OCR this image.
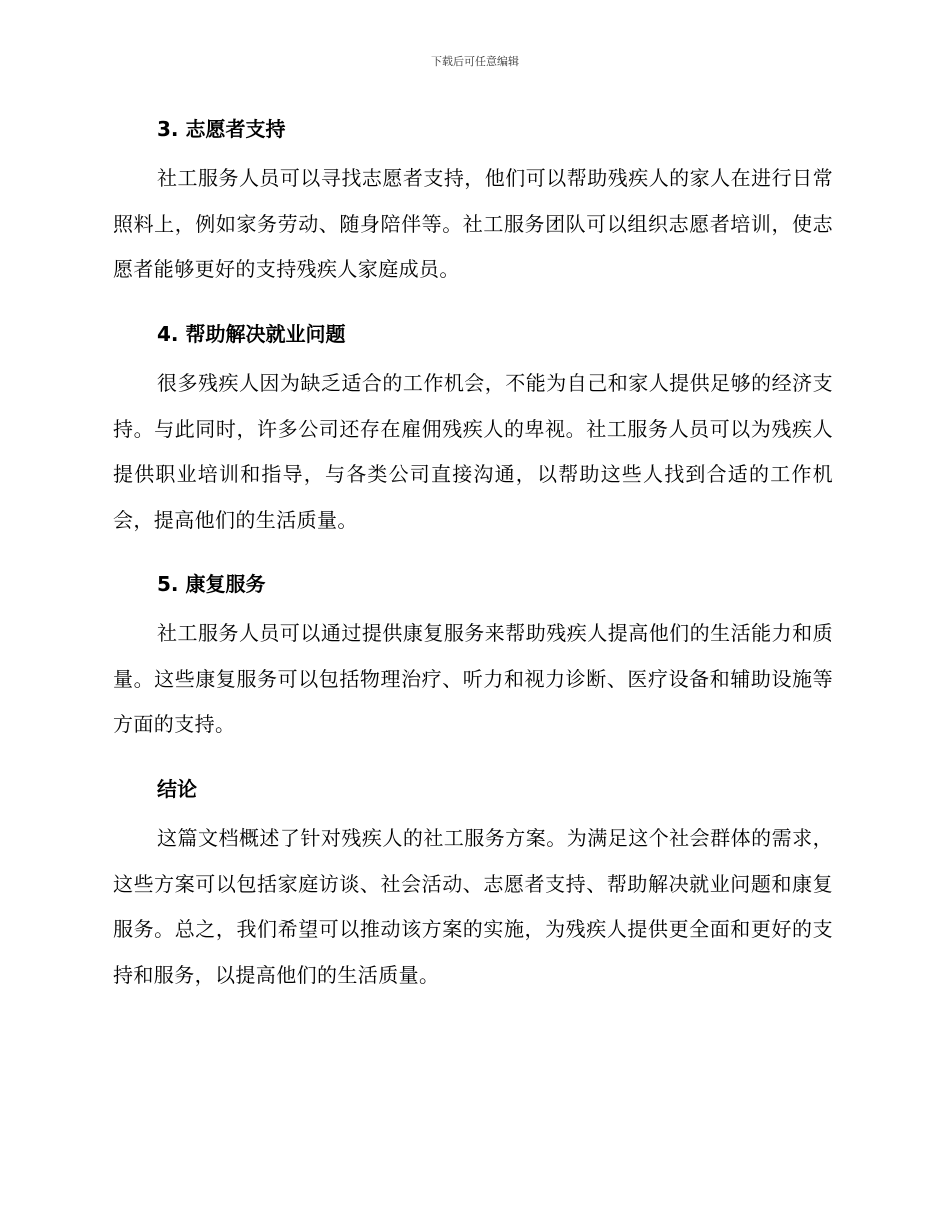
下载后可任意编辑
3. 志愿者支持

社工服务人员可以寻找志愿者支持，他们可以帮助残疾人的家人在进行日常照料上，例如家务劳动、随身陪伴等。社工服务团队可以组织志愿者培训，使志愿者能够更好的支持残疾人家庭成员。

4. 帮助解决就业问题

很多残疾人因为缺乏适合的工作机会，不能为自己和家人提供足够的经济支持。与此同时，许多公司还存在雇佣残疾人的卑视。社工服务人员可以为残疾人提供职业培训和指导，与各类公司直接沟通，以帮助这些人找到合适的工作机会，提高他们的生活质量。

5. 康复服务

社工服务人员可以通过提供康复服务来帮助残疾人提高他们的生活能力和质量。这些康复服务可以包括物理治疗、听力和视力诊断、医疗设备和辅助设施等方面的支持。

结论

这篇文档概述了针对残疾人的社工服务方案。为满足这个社会群体的需求，这些方案可以包括家庭访谈、社会活动、志愿者支持、帮助解决就业问题和康复服务。总之，我们希望可以推动该方案的实施，为残疾人提供更全面和更好的支持和服务，以提高他们的生活质量。
